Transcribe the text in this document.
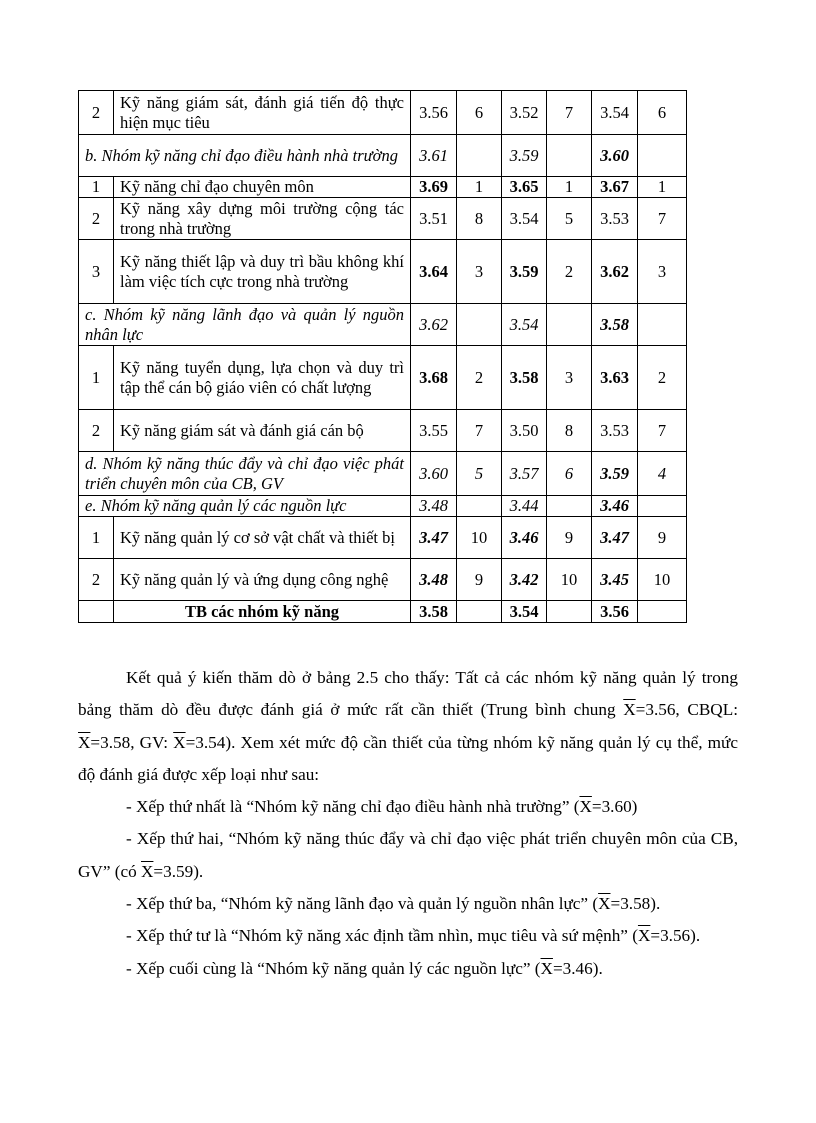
2	Kỹ năng giám sát, đánh giá tiến độ thực hiện mục tiêu	3.56	6	3.52	7	3.54	6
b. Nhóm kỹ năng chỉ đạo điều hành nhà trường		3.61		3.59		3.60	
1	Kỹ năng chỉ đạo chuyên môn	3.69	1	3.65	1	3.67	1
2	Kỹ năng xây dựng môi trường cộng tác trong nhà trường	3.51	8	3.54	5	3.53	7
3	Kỹ năng thiết lập và duy trì bầu không khí làm việc tích cực trong nhà trường	3.64	3	3.59	2	3.62	3
c. Nhóm kỹ năng lãnh đạo và quản lý nguồn nhân lực		3.62		3.54		3.58	
1	Kỹ năng tuyển dụng, lựa chọn và duy trì tập thể cán bộ giáo viên có chất lượng	3.68	2	3.58	3	3.63	2
2	Kỹ năng giám sát và đánh giá cán bộ	3.55	7	3.50	8	3.53	7
d. Nhóm kỹ năng thúc đẩy và chỉ đạo việc phát triển chuyên môn của CB, GV		3.60	5	3.57	6	3.59	4
e. Nhóm kỹ năng quản lý các nguồn lực		3.48		3.44		3.46	
1	Kỹ năng quản lý cơ sở vật chất và thiết bị	3.47	10	3.46	9	3.47	9
2	Kỹ năng quản lý và ứng dụng công nghệ	3.48	9	3.42	10	3.45	10
	TB các nhóm kỹ năng	3.58		3.54		3.56	

Kết quả ý kiến thăm dò ở bảng 2.5 cho thấy: Tất cả các nhóm kỹ năng quản lý trong bảng thăm dò đều được đánh giá ở mức rất cần thiết (Trung bình chung $\overline{X}=3.56$, CBQL: $\overline{X}=3.58$, GV: $\overline{X}=3.54$). Xem xét mức độ cần thiết của từng nhóm kỹ năng quản lý cụ thể, mức độ đánh giá được xếp loại như sau:

- Xếp thứ nhất là “Nhóm kỹ năng chỉ đạo điều hành nhà trường” $(\overline{X}=3.60)$

- Xếp thứ hai, “Nhóm kỹ năng thúc đẩy và chỉ đạo việc phát triển chuyên môn của CB, GV” (có $\overline{X}=3.59$).

- Xếp thứ ba, “Nhóm kỹ năng lãnh đạo và quản lý nguồn nhân lực” $(\overline{X}=3.58)$.

- Xếp thứ tư là “Nhóm kỹ năng xác định tầm nhìn, mục tiêu và sứ mệnh” $(\overline{X}=3.56)$.

- Xếp cuối cùng là “Nhóm kỹ năng quản lý các nguồn lực” $(\overline{X}=3.46)$.
